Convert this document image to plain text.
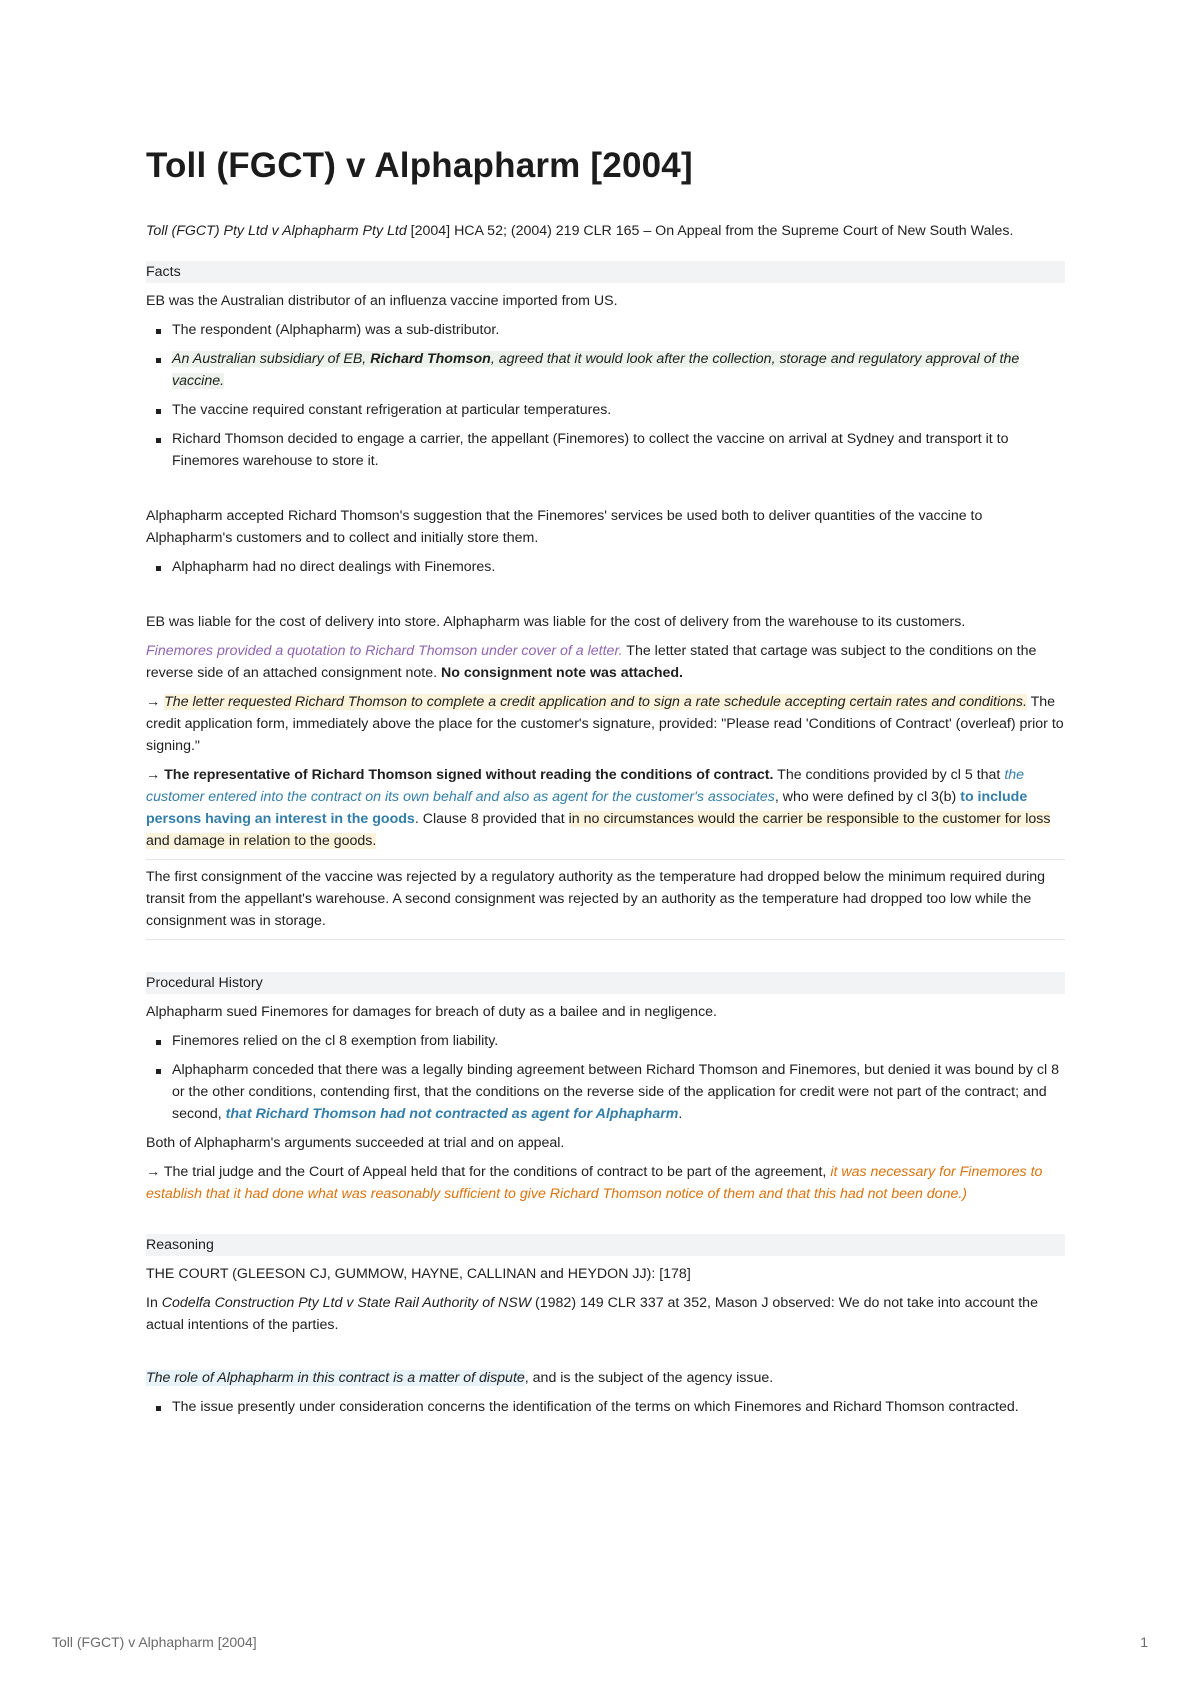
Toll (FGCT) v Alphapharm [2004]

Toll (FGCT) Pty Ltd v Alphapharm Pty Ltd [2004] HCA 52; (2004) 219 CLR 165 – On Appeal from the Supreme Court of New South Wales.

Facts

EB was the Australian distributor of an influenza vaccine imported from US.

The respondent (Alphapharm) was a sub-distributor.
An Australian subsidiary of EB, Richard Thomson, agreed that it would look after the collection, storage and regulatory approval of the vaccine.
The vaccine required constant refrigeration at particular temperatures.
Richard Thomson decided to engage a carrier, the appellant (Finemores) to collect the vaccine on arrival at Sydney and transport it to Finemores warehouse to store it.

Alphapharm accepted Richard Thomson's suggestion that the Finemores' services be used both to deliver quantities of the vaccine to Alphapharm's customers and to collect and initially store them.

Alphapharm had no direct dealings with Finemores.

EB was liable for the cost of delivery into store. Alphapharm was liable for the cost of delivery from the warehouse to its customers.

Finemores provided a quotation to Richard Thomson under cover of a letter. The letter stated that cartage was subject to the conditions on the reverse side of an attached consignment note. No consignment note was attached.

→ The letter requested Richard Thomson to complete a credit application and to sign a rate schedule accepting certain rates and conditions. The credit application form, immediately above the place for the customer's signature, provided: "Please read 'Conditions of Contract' (overleaf) prior to signing."

→ The representative of Richard Thomson signed without reading the conditions of contract. The conditions provided by cl 5 that the customer entered into the contract on its own behalf and also as agent for the customer's associates, who were defined by cl 3(b) to include persons having an interest in the goods. Clause 8 provided that in no circumstances would the carrier be responsible to the customer for loss and damage in relation to the goods.

The first consignment of the vaccine was rejected by a regulatory authority as the temperature had dropped below the minimum required during transit from the appellant's warehouse. A second consignment was rejected by an authority as the temperature had dropped too low while the consignment was in storage.

Procedural History

Alphapharm sued Finemores for damages for breach of duty as a bailee and in negligence.

Finemores relied on the cl 8 exemption from liability.
Alphapharm conceded that there was a legally binding agreement between Richard Thomson and Finemores, but denied it was bound by cl 8 or the other conditions, contending first, that the conditions on the reverse side of the application for credit were not part of the contract; and second, that Richard Thomson had not contracted as agent for Alphapharm.

Both of Alphapharm's arguments succeeded at trial and on appeal.

→ The trial judge and the Court of Appeal held that for the conditions of contract to be part of the agreement, it was necessary for Finemores to establish that it had done what was reasonably sufficient to give Richard Thomson notice of them and that this had not been done.)

Reasoning

THE COURT (GLEESON CJ, GUMMOW, HAYNE, CALLINAN and HEYDON JJ): [178]

In Codelfa Construction Pty Ltd v State Rail Authority of NSW (1982) 149 CLR 337 at 352, Mason J observed: We do not take into account the actual intentions of the parties.

The role of Alphapharm in this contract is a matter of dispute, and is the subject of the agency issue.

The issue presently under consideration concerns the identification of the terms on which Finemores and Richard Thomson contracted.
Toll (FGCT) v Alphapharm [2004]	1
